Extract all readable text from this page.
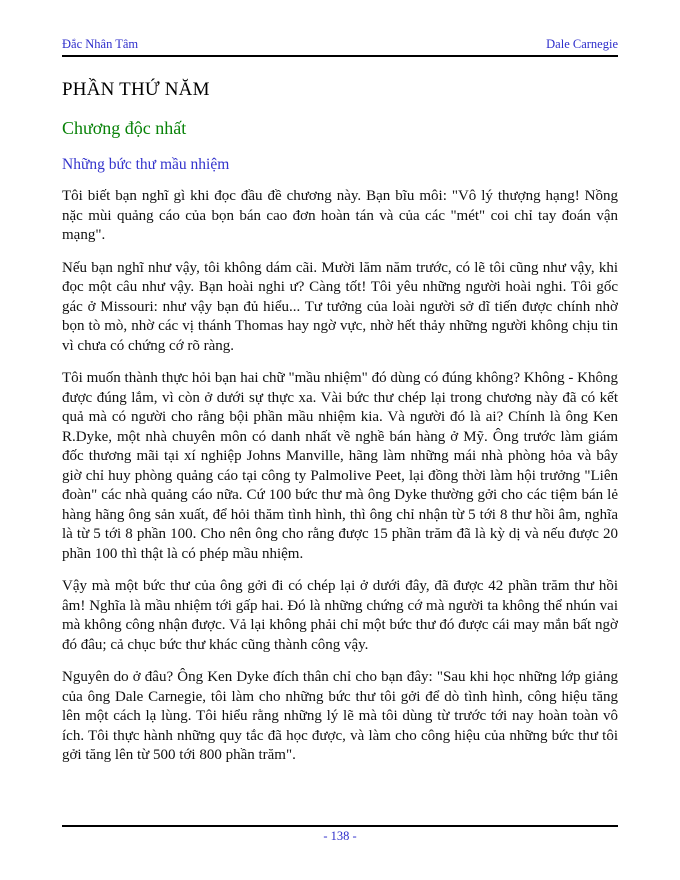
Đắc Nhân Tâm	Dale Carnegie
PHẦN THỨ NĂM
Chương độc nhất
Những bức thư mầu nhiệm

Tôi biết bạn nghĩ gì khi đọc đầu đề chương này. Bạn bĩu môi: "Vô lý thượng hạng! Nồng nặc mùi quảng cáo của bọn bán cao đơn hoàn tán và của các "mét" coi chỉ tay đoán vận mạng".

Nếu bạn nghĩ như vậy, tôi không dám cãi. Mười lăm năm trước, có lẽ tôi cũng như vậy, khi đọc một câu như vậy. Bạn hoài nghi ư? Càng tốt! Tôi yêu những người hoài nghi. Tôi gốc gác ở Missouri: như vậy bạn đủ hiểu... Tư tưởng của loài người sở dĩ tiến được chính nhờ bọn tò mò, nhờ các vị thánh Thomas hay ngờ vực, nhờ hết thảy những người không chịu tin vì chưa có chứng cớ rõ ràng.

Tôi muốn thành thực hỏi bạn hai chữ "mầu nhiệm" đó dùng có đúng không? Không - Không được đúng lắm, vì còn ở dưới sự thực xa. Vài bức thư chép lại trong chương này đã có kết quả mà có người cho rằng bội phần mầu nhiệm kia. Và người đó là ai? Chính là ông Ken R.Dyke, một nhà chuyên môn có danh nhất về nghề bán hàng ở Mỹ. Ông trước làm giám đốc thương mãi tại xí nghiệp Johns Manville, hãng làm những mái nhà phòng hỏa và bây giờ chỉ huy phòng quảng cáo tại công ty Palmolive Peet, lại đồng thời làm hội trưởng "Liên đoàn" các nhà quảng cáo nữa. Cứ 100 bức thư mà ông Dyke thường gởi cho các tiệm bán lẻ hàng hãng ông sản xuất, để hỏi thăm tình hình, thì ông chỉ nhận từ 5 tới 8 thư hồi âm, nghĩa là từ 5 tới 8 phần 100. Cho nên ông cho rằng được 15 phần trăm đã là kỳ dị và nếu được 20 phần 100 thì thật là có phép mầu nhiệm.

Vậy mà một bức thư của ông gởi đi có chép lại ở dưới đây, đã được 42 phần trăm thư hồi âm! Nghĩa là mầu nhiệm tới gấp hai. Đó là những chứng cớ mà người ta không thể nhún vai mà không công nhận được. Vả lại không phải chỉ một bức thư đó được cái may mắn bất ngờ đó đâu; cả chục bức thư khác cũng thành công vậy.

Nguyên do ở đâu? Ông Ken Dyke đích thân chỉ cho bạn đây: "Sau khi học những lớp giảng của ông Dale Carnegie, tôi làm cho những bức thư tôi gởi để dò tình hình, công hiệu tăng lên một cách lạ lùng. Tôi hiểu rằng những lý lẽ mà tôi dùng từ trước tới nay hoàn toàn vô ích. Tôi thực hành những quy tắc đã học được, và làm cho công hiệu của những bức thư tôi gởi tăng lên từ 500 tới 800 phần trăm".

- 138 -
